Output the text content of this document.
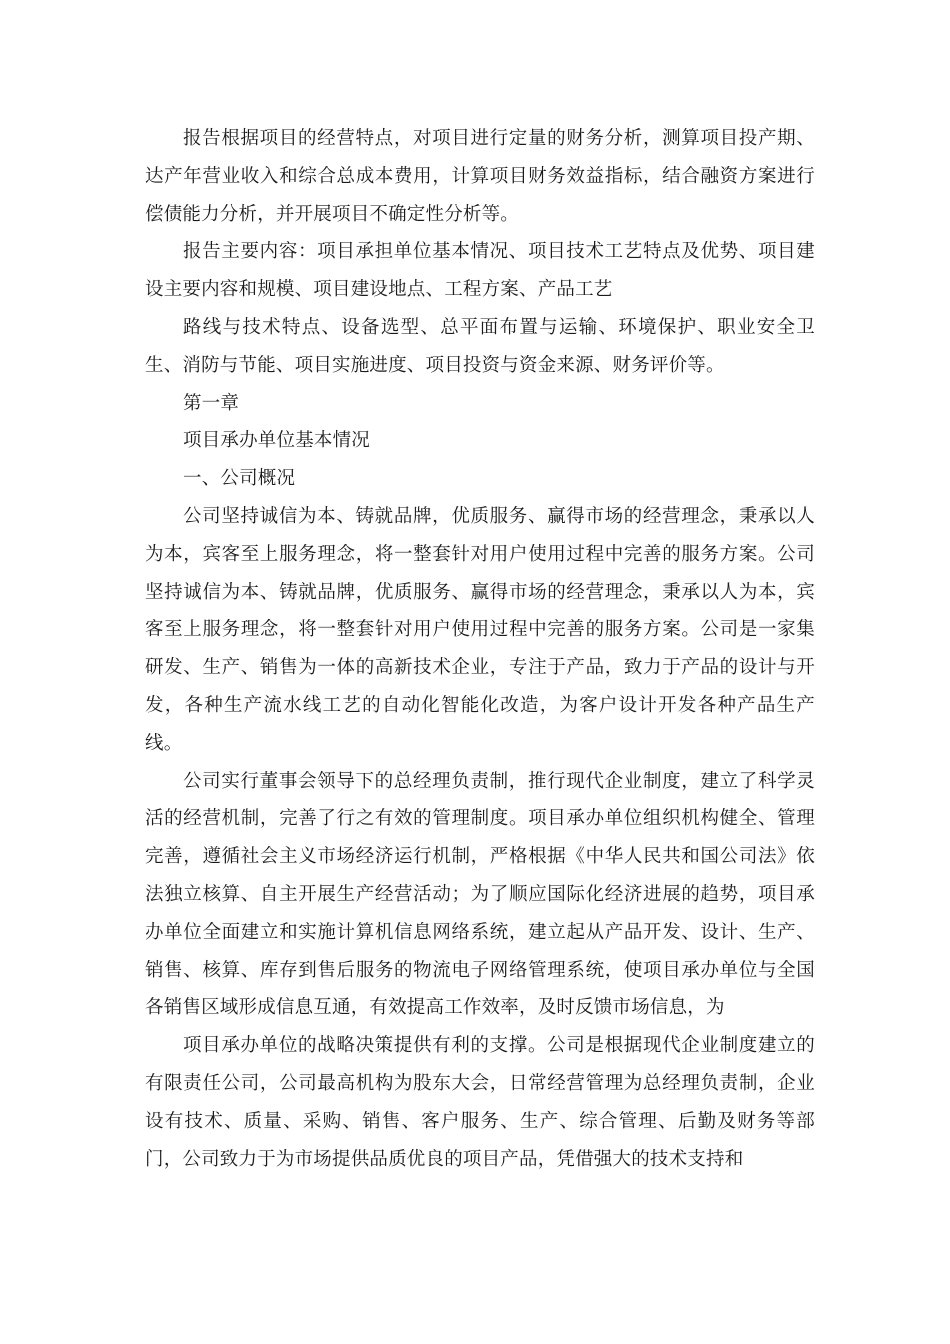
报告根据项目的经营特点，对项目进行定量的财务分析，测算项目投产期、达产年营业收入和综合总成本费用，计算项目财务效益指标，结合融资方案进行偿债能力分析，并开展项目不确定性分析等。

报告主要内容：项目承担单位基本情况、项目技术工艺特点及优势、项目建设主要内容和规模、项目建设地点、工程方案、产品工艺

路线与技术特点、设备选型、总平面布置与运输、环境保护、职业安全卫生、消防与节能、项目实施进度、项目投资与资金来源、财务评价等。

第一章

项目承办单位基本情况

一、公司概况

公司坚持诚信为本、铸就品牌，优质服务、赢得市场的经营理念，秉承以人为本，宾客至上服务理念，将一整套针对用户使用过程中完善的服务方案。公司坚持诚信为本、铸就品牌，优质服务、赢得市场的经营理念，秉承以人为本，宾客至上服务理念，将一整套针对用户使用过程中完善的服务方案。公司是一家集研发、生产、销售为一体的高新技术企业，专注于产品，致力于产品的设计与开发，各种生产流水线工艺的自动化智能化改造，为客户设计开发各种产品生产线。

公司实行董事会领导下的总经理负责制，推行现代企业制度，建立了科学灵活的经营机制，完善了行之有效的管理制度。项目承办单位组织机构健全、管理完善，遵循社会主义市场经济运行机制，严格根据《中华人民共和国公司法》依法独立核算、自主开展生产经营活动；为了顺应国际化经济进展的趋势，项目承办单位全面建立和实施计算机信息网络系统，建立起从产品开发、设计、生产、销售、核算、库存到售后服务的物流电子网络管理系统，使项目承办单位与全国各销售区域形成信息互通，有效提高工作效率，及时反馈市场信息，为

项目承办单位的战略决策提供有利的支撑。公司是根据现代企业制度建立的有限责任公司，公司最高机构为股东大会，日常经营管理为总经理负责制，企业设有技术、质量、采购、销售、客户服务、生产、综合管理、后勤及财务等部门，公司致力于为市场提供品质优良的项目产品，凭借强大的技术支持和
